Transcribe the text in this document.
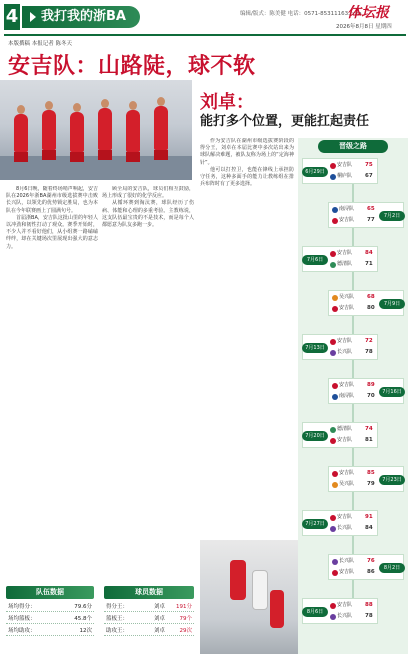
4	我打我的浙BA	编辑/版式：陈美健 电话：0571-85311163.com
体坛报
2026年8月8日 星期四
本版撰稿 本报记者 陈冬天
安吉队：山路陡，球不软

8月6日晚，随着终场哨声响起，安吉队在2026年浙BA湖州市级选拔赛中击败长兴队，以领先的优势锁定胜局，也为本队在今年联赛画上了圆满句号。

首届浙BA，安吉队这批山里的年轻人以冲劲和韧性打动了观众。赛季开始时，不少人并不看好他们，从小组赛一路磕磕绊绊，却在关键场次里展现出强大的意志力。

顾全局的安吉队，球员们相互鼓励，场上形成了很好的化学反应。

从循环赛到淘汰赛，球队经历了伤病、体能和心理的多重考验。主教练说，这支队伍最宝贵的不是技术，而是每个人都愿意为队友多跑一步。

刘卓：
能打多个位置，更能扛起责任

作为安吉队在湖州市级选拔赛阶段的得分王，刘卓在本届比赛中多次站出来为球队解决难题，被队友称为场上的“定海神针”。

他可以打控卫，也能在锋线上承担防守任务，这种多面手的能力让教练组在排兵布阵时有了更多选择。

队伍数据	球员数据
场均得分：	79.6分
场均篮板：	45.8个
场均助攻：	12次
得分王：	刘卓 191分
篮板王：	刘卓	79个
助攻王：	刘卓	29次
晋级之路
6月29日
安吉队 75
桐庐队 67
7月2日
南浔队 65
安吉队 77
7月6日
安吉队 84
德清队 71
7月9日
吴兴队 68
安吉队 80
7月13日
安吉队 72
长兴队 78
7月16日
安吉队 89
南浔队 70
7月20日
德清队 74
安吉队 81
7月23日
安吉队 85
吴兴队 79
7月27日
安吉队 91
长兴队 84
8月2日
长兴队 76
安吉队 86
8月6日
安吉队 88
长兴队 78
